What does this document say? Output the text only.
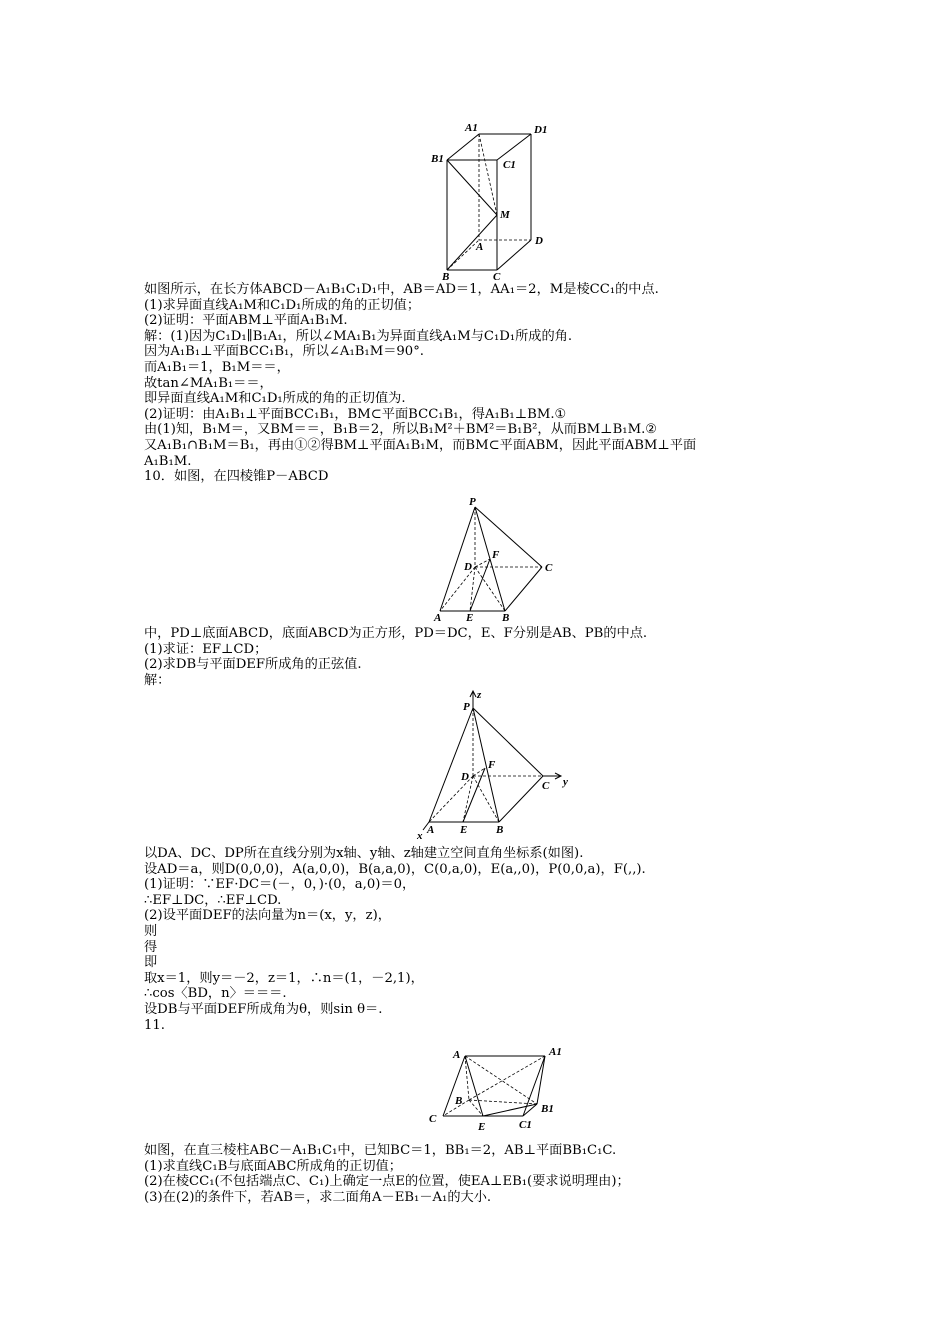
A1	D1
B1	C1
M
A	D
B	C
如图所示，在长方体ABCD－A₁B₁C₁D₁中，AB＝AD＝1，AA₁＝2，M是棱CC₁的中点.
(1)求异面直线A₁M和C₁D₁所成的角的正切值；
(2)证明：平面ABM⊥平面A₁B₁M.
解：(1)因为C₁D₁∥B₁A₁，所以∠MA₁B₁为异面直线A₁M与C₁D₁所成的角.
因为A₁B₁⊥平面BCC₁B₁，所以∠A₁B₁M＝90°.
而A₁B₁＝1，B₁M＝＝，
故tan∠MA₁B₁＝＝，
即异面直线A₁M和C₁D₁所成的角的正切值为.
(2)证明：由A₁B₁⊥平面BCC₁B₁，BM⊂平面BCC₁B₁，得A₁B₁⊥BM.①
由(1)知，B₁M＝，又BM＝＝，B₁B＝2，所以B₁M²＋BM²＝B₁B²，从而BM⊥B₁M.②
又A₁B₁∩B₁M＝B₁，再由①②得BM⊥平面A₁B₁M，而BM⊂平面ABM，因此平面ABM⊥平面
A₁B₁M.
10．如图，在四棱锥P－ABCD
P
F
D	C
A E	B
中，PD⊥底面ABCD，底面ABCD为正方形，PD＝DC，E、F分别是AB、PB的中点.
(1)求证：EF⊥CD；
(2)求DB与平面DEF所成角的正弦值.
解：
P
z
F
D
C y
A E	B
x
以DA、DC、DP所在直线分别为x轴、y轴、z轴建立空间直角坐标系(如图).
设AD＝a，则D(0,0,0)，A(a,0,0)，B(a,a,0)，C(0,a,0)，E(a,,0)，P(0,0,a)，F(,,).
(1)证明：∵EF·DC＝(－，0，)·(0，a,0)＝0，
∴EF⊥DC，∴EF⊥CD.
(2)设平面DEF的法向量为n＝(x，y，z)，
则
得
即
取x＝1，则y＝－2，z＝1，∴n＝(1，－2,1)，
∴cos〈BD，n〉＝＝＝.
设DB与平面DEF所成角为θ，则sin θ＝.
11.
A	A1
B
C
E	C1
B1
如图，在直三棱柱ABC－A₁B₁C₁中，已知BC＝1，BB₁＝2，AB⊥平面BB₁C₁C.
(1)求直线C₁B与底面ABC所成角的正切值；
(2)在棱CC₁(不包括端点C、C₁)上确定一点E的位置，使EA⊥EB₁(要求说明理由)；
(3)在(2)的条件下，若AB＝，求二面角A－EB₁－A₁的大小.
